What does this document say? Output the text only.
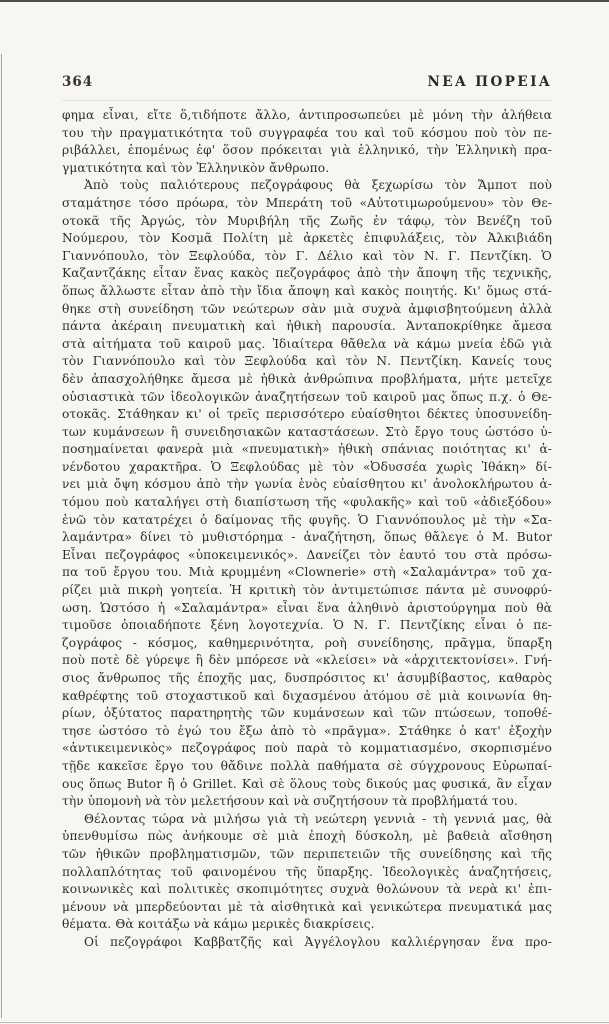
364	ΝΕΑ ΠΟΡΕΙΑ
φημα εἶναι, εἴτε ὅ,τιδήποτε ἄλλο, ἀντιπροσωπεύει μὲ μόνη τὴν ἀλήθεια
του τὴν πραγματικότητα τοῦ συγγραφέα του καὶ τοῦ κόσμου ποὺ τὸν πε-
ριβάλλει, ἑπομένως ἐφ' ὅσον πρόκειται γιὰ ἑλληνικό, τὴν Ἑλληνικὴ πρα-
γματικότητα καὶ τὸν Ἑλληνικὸν ἄνθρωπο.
Ἀπὸ τοὺς παλιότερους πεζογράφους θὰ ξεχωρίσω τὸν Ἄμποτ ποὺ
σταμάτησε τόσο πρόωρα, τὸν Μπεράτη τοῦ «Αὐτοτιμωρούμενου» τὸν Θε-
οτοκᾶ τῆς Ἀργώς, τὸν Μυριβήλη τῆς Ζωῆς ἐν τάφῳ, τὸν Βενέζη τοῦ
Νούμερου, τὸν Κοσμᾶ Πολίτη μὲ ἀρκετὲς ἐπιφυλάξεις, τὸν Ἀλκιβιάδη
Γιαννόπουλο, τὸν Ξεφλούδα, τὸν Γ. Δέλιο καὶ τὸν Ν. Γ. Πεντζίκη. Ὁ
Καζαντζάκης εἶταν ἕνας κακὸς πεζογράφος ἀπὸ τὴν ἄποψη τῆς τεχνικῆς,
ὅπως ἄλλωστε εἶταν ἀπὸ τὴν ἴδια ἄποψη καὶ κακὸς ποιητής. Κι' ὅμως στά-
θηκε στὴ συνείδηση τῶν νεώτερων σὰν μιὰ συχνὰ ἀμφισβητούμενη ἀλλὰ
πάντα ἀκέραιη πνευματικὴ καὶ ἠθικὴ παρουσία. Ἀνταποκρίθηκε ἄμεσα
στὰ αἰτήματα τοῦ καιροῦ μας. Ἰδιαίτερα θἄθελα νὰ κάμω μνεία ἐδῶ γιὰ
τὸν Γιαννόπουλο καὶ τὸν Ξεφλούδα καὶ τὸν Ν. Πεντζίκη. Κανείς τους
δὲν ἀπασχολήθηκε ἄμεσα μὲ ἠθικὰ ἀνθρώπινα προβλήματα, μήτε μετεῖχε
οὐσιαστικὰ τῶν ἰδεολογικῶν ἀναζητήσεων τοῦ καιροῦ μας ὅπως π.χ. ὁ Θε-
οτοκᾶς. Στάθηκαν κι' οἱ τρεῖς περισσότερο εὐαίσθητοι δέκτες ὑποσυνείδη-
των κυμάνσεων ἢ συνειδησιακῶν καταστάσεων. Στὸ ἔργο τους ὡστόσο ὑ-
ποσημαίνεται φανερὰ μιὰ «πνευματικὴ» ἠθικὴ σπάνιας ποιότητας κι' ἀ-
νένδοτου χαρακτῆρα. Ὁ Ξεφλούδας μὲ τὸν «Ὀδυσσέα χωρὶς Ἰθάκη» δί-
νει μιὰ ὄψη κόσμου ἀπὸ τὴν γωνία ἑνὸς εὐαίσθητου κι' ἀνολοκλήρωτου ἀ-
τόμου ποὺ καταλήγει στὴ διαπίστωση τῆς «φυλακῆς» καὶ τοῦ «ἀδιεξόδου»
ἐνῶ τὸν κατατρέχει ὁ δαίμονας τῆς φυγῆς. Ὁ Γιαννόπουλος μὲ τὴν «Σα-
λαμάντρα» δίνει τὸ μυθιστόρημα - ἀναζήτηση, ὅπως θἄλεγε ὁ M. Butor
Εἶναι πεζογράφος «ὑποκειμενικός». Δανείζει τὸν ἑαυτό του στὰ πρόσω-
πα τοῦ ἔργου του. Μιὰ κρυμμένη «Clownerie» στὴ «Σαλαμάντρα» τοῦ χα-
ρίζει μιὰ πικρὴ γοητεία. Ἡ κριτικὴ τὸν ἀντιμετώπισε πάντα μὲ συνοφρύ-
ωση. Ὡστόσο ἡ «Σαλαμάντρα» εἶναι ἕνα ἀληθινὸ ἀριστούργημα ποὺ θὰ
τιμοῦσε ὁποιαδήποτε ξένη λογοτεχνία. Ὁ Ν. Γ. Πεντζίκης εἶναι ὁ πε-
ζογράφος - κόσμος, καθημερινότητα, ροὴ συνείδησης, πρᾶγμα, ὕπαρξη
ποὺ ποτὲ δὲ γύρεψε ἢ δὲν μπόρεσε νὰ «κλείσει» νὰ «ἀρχιτεκτονίσει». Γνή-
σιος ἄνθρωπος τῆς ἐποχῆς μας, δυσπρόσιτος κι' ἀσυμβίβαστος, καθαρὸς
καθρέφτης τοῦ στοχαστικοῦ καὶ διχασμένου ἀτόμου σὲ μιὰ κοινωνία θη-
ρίων, ὀξύτατος παρατηρητὴς τῶν κυμάνσεων καὶ τῶν πτώσεων, τοποθέ-
τησε ὡστόσο τὸ ἐγώ του ἔξω ἀπὸ τὸ «πρᾶγμα». Στάθηκε ὁ κατ' ἐξοχὴν
«ἀντικειμενικὸς» πεζογράφος ποὺ παρὰ τὸ κομματιασμένο, σκορπισμένο
τῇδε κακεῖσε ἔργο του θἄδινε πολλὰ παθήματα σὲ σύγχρονους Εὐρωπαί-
ους ὅπως Butor ἢ ὁ Grillet. Καὶ σὲ ὅλους τοὺς δικούς μας φυσικά, ἂν εἶχαν
τὴν ὑπομονὴ νὰ τὸν μελετήσουν καὶ νὰ συζητήσουν τὰ προβλήματά του.
Θέλοντας τώρα νὰ μιλήσω γιὰ τὴ νεώτερη γεννιὰ - τὴ γεννιά μας, θὰ
ὑπενθυμίσω πὼς ἀνήκουμε σὲ μιὰ ἐποχὴ δύσκολη, μὲ βαθειὰ αἴσθηση
τῶν ἠθικῶν προβληματισμῶν, τῶν περιπετειῶν τῆς συνείδησης καὶ τῆς
πολλαπλότητας τοῦ φαινομένου τῆς ὕπαρξης. Ἰδεολογικὲς ἀναζητήσεις,
κοινωνικὲς καὶ πολιτικὲς σκοπιμότητες συχνὰ θολώνουν τὰ νερὰ κι' ἐπι-
μένουν νὰ μπερδεύονται μὲ τὰ αἰσθητικὰ καὶ γενικώτερα πνευματικά μας
θέματα. Θὰ κοιτάξω νὰ κάμω μερικὲς διακρίσεις.
Οἱ πεζογράφοι Καββατζῆς καὶ Ἀγγέλογλου καλλιέργησαν ἕνα προ-
